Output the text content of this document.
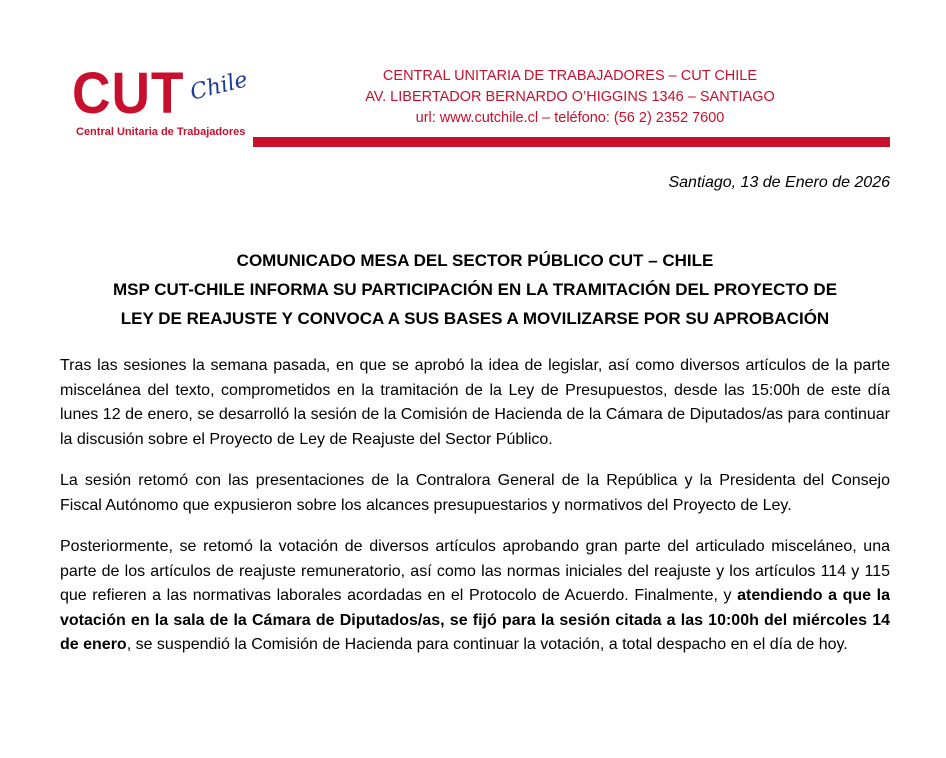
CUT Chile
Central Unitaria de Trabajadores
CENTRAL UNITARIA DE TRABAJADORES – CUT CHILE
AV. LIBERTADOR BERNARDO O’HIGGINS 1346 – SANTIAGO
url: www.cutchile.cl – teléfono: (56 2) 2352 7600
Santiago, 13 de Enero de 2026
COMUNICADO MESA DEL SECTOR PÚBLICO CUT – CHILE
MSP CUT-CHILE INFORMA SU PARTICIPACIÓN EN LA TRAMITACIÓN DEL PROYECTO DE
LEY DE REAJUSTE Y CONVOCA A SUS BASES A MOVILIZARSE POR SU APROBACIÓN

Tras las sesiones la semana pasada, en que se aprobó la idea de legislar, así como diversos artículos de la parte miscelánea del texto, comprometidos en la tramitación de la Ley de Presupuestos, desde las 15:00h de este día lunes 12 de enero, se desarrolló la sesión de la Comisión de Hacienda de la Cámara de Diputados/as para continuar la discusión sobre el Proyecto de Ley de Reajuste del Sector Público.

La sesión retomó con las presentaciones de la Contralora General de la República y la Presidenta del Consejo Fiscal Autónomo que expusieron sobre los alcances presupuestarios y normativos del Proyecto de Ley.

Posteriormente, se retomó la votación de diversos artículos aprobando gran parte del articulado misceláneo, una parte de los artículos de reajuste remuneratorio, así como las normas iniciales del reajuste y los artículos 114 y 115 que refieren a las normativas laborales acordadas en el Protocolo de Acuerdo. Finalmente, y atendiendo a que la votación en la sala de la Cámara de Diputados/as, se fijó para la sesión citada a las 10:00h del miércoles 14 de enero, se suspendió la Comisión de Hacienda para continuar la votación, a total despacho en el día de hoy.
